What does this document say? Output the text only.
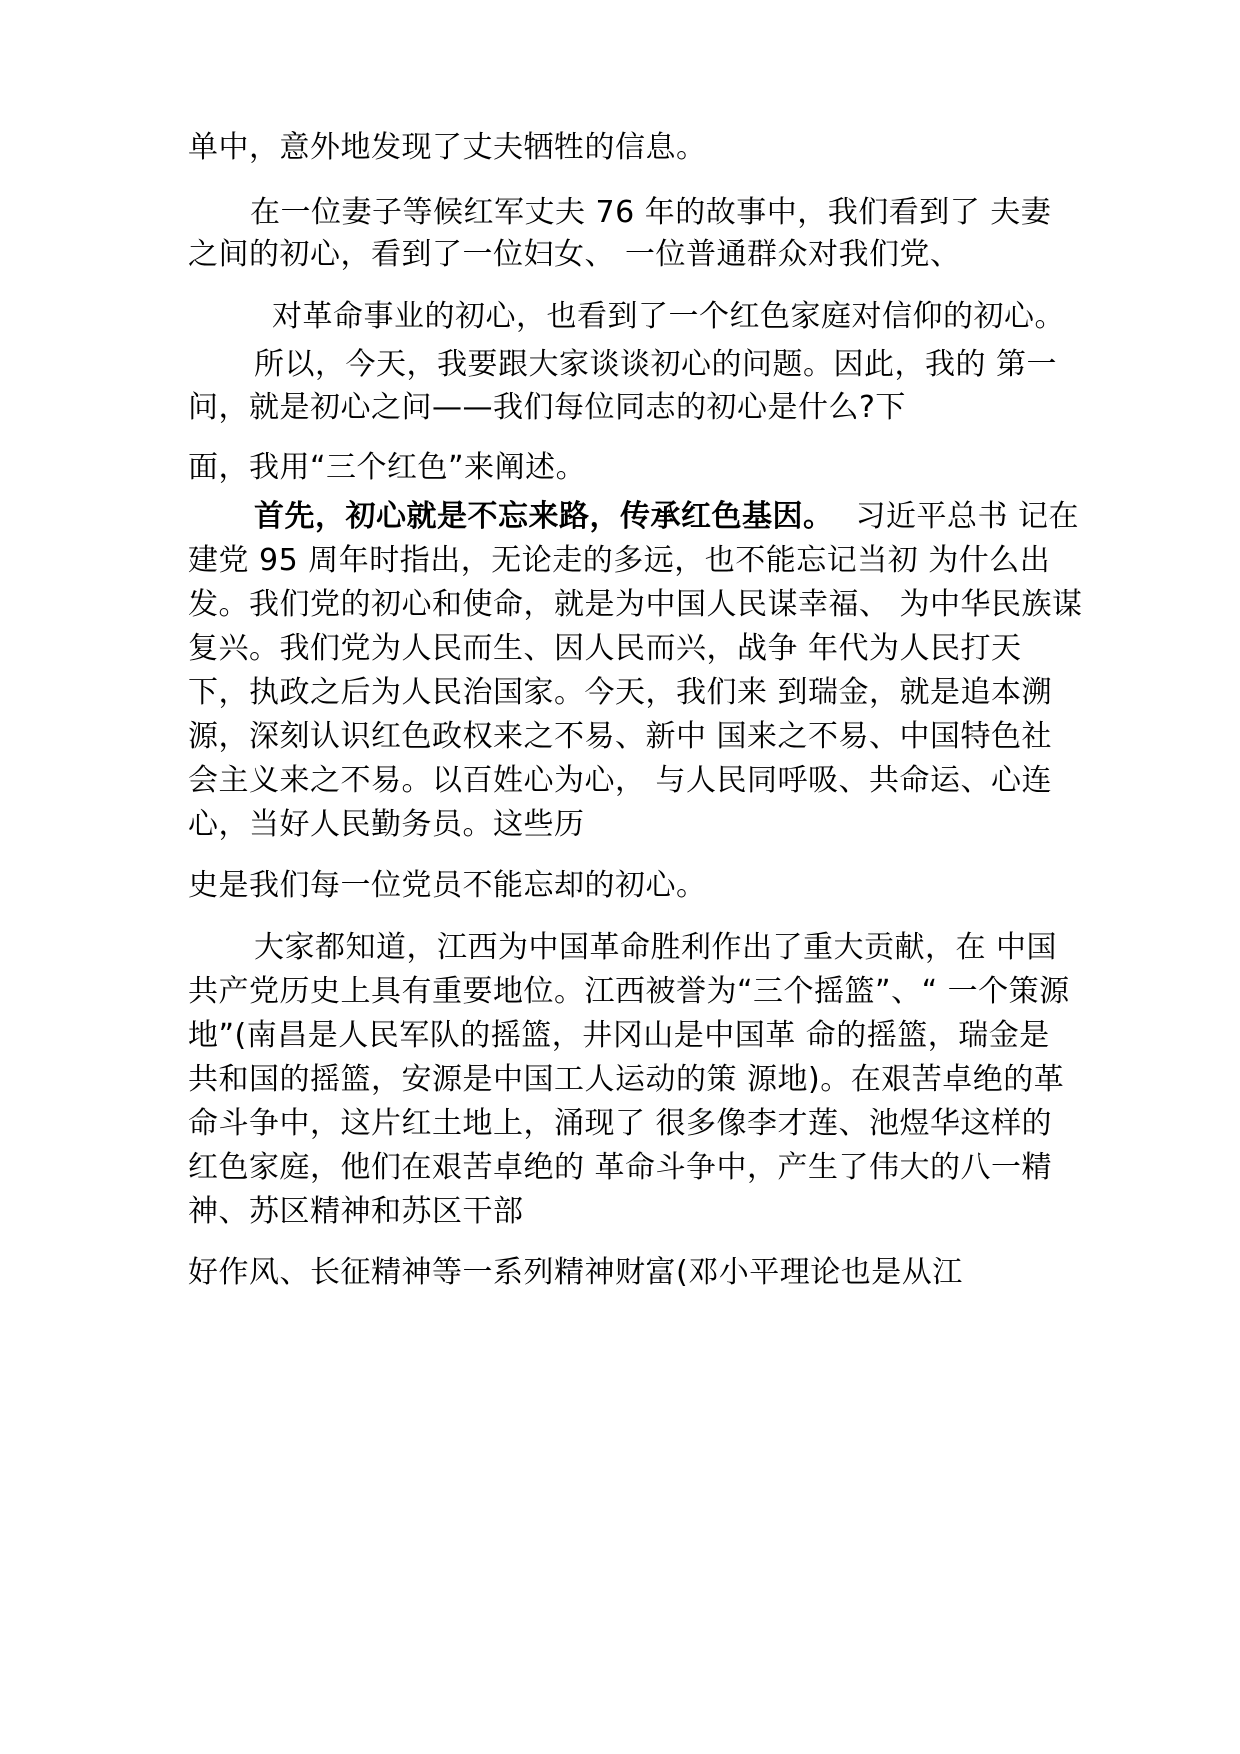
单中，意外地发现了丈夫牺牲的信息。
在一位妻子等候红军丈夫 76 年的故事中，我们看到了 夫妻
之间的初心，看到了一位妇女、 一位普通群众对我们党、
对革命事业的初心，也看到了一个红色家庭对信仰的初心。
所以，今天，我要跟大家谈谈初心的问题。因此，我的 第一
问，就是初心之问——我们每位同志的初心是什么?下
面，我用“三个红色”来阐述。
首先，初心就是不忘来路，传承红色基因。 习近平总书 记在
建党 95 周年时指出，无论走的多远，也不能忘记当初 为什么出
发。我们党的初心和使命，就是为中国人民谋幸福、 为中华民族谋
复兴。我们党为人民而生、因人民而兴，战争 年代为人民打天
下，执政之后为人民治国家。今天，我们来 到瑞金，就是追本溯
源，深刻认识红色政权来之不易、新中 国来之不易、中国特色社
会主义来之不易。以百姓心为心， 与人民同呼吸、共命运、心连
心，当好人民勤务员。这些历
史是我们每一位党员不能忘却的初心。
大家都知道，江西为中国革命胜利作出了重大贡献，在 中国
共产党历史上具有重要地位。江西被誉为“三个摇篮”、“ 一个策源
地”(南昌是人民军队的摇篮，井冈山是中国革 命的摇篮，瑞金是
共和国的摇篮，安源是中国工人运动的策 源地)。在艰苦卓绝的革
命斗争中，这片红土地上，涌现了 很多像李才莲、池煜华这样的
红色家庭，他们在艰苦卓绝的 革命斗争中，产生了伟大的八一精
神、苏区精神和苏区干部
好作风、长征精神等一系列精神财富(邓小平理论也是从江
